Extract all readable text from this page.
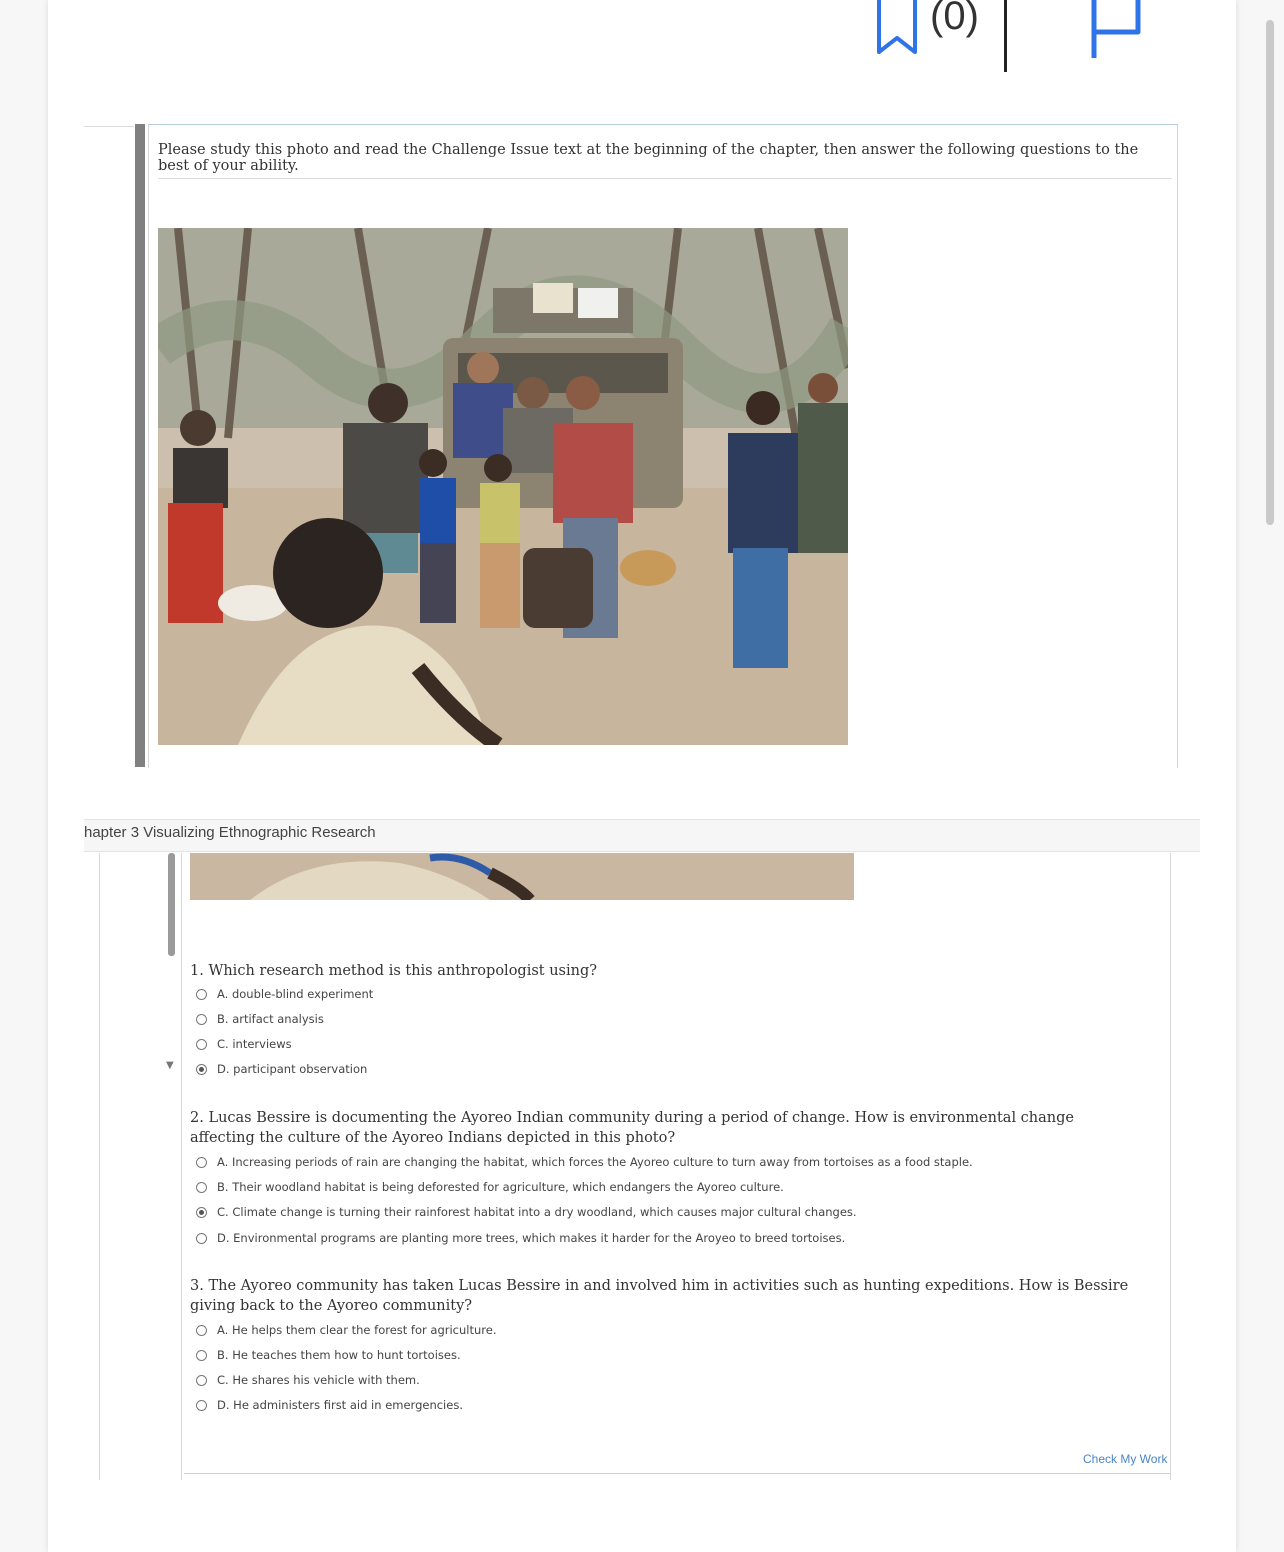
(0)
Please study this photo and read the Challenge Issue text at the beginning of the chapter, then answer the following questions to the best of your ability.
hapter 3 Visualizing Ethnographic Research
▼
1. Which research method is this anthropologist using?
A. double-blind experiment
B. artifact analysis
C. interviews
D. participant observation
2. Lucas Bessire is documenting the Ayoreo Indian community during a period of change. How is environmental change affecting the culture of the Ayoreo Indians depicted in this photo?
A. Increasing periods of rain are changing the habitat, which forces the Ayoreo culture to turn away from tortoises as a food staple.
B. Their woodland habitat is being deforested for agriculture, which endangers the Ayoreo culture.
C. Climate change is turning their rainforest habitat into a dry woodland, which causes major cultural changes.
D. Environmental programs are planting more trees, which makes it harder for the Aroyeo to breed tortoises.
3. The Ayoreo community has taken Lucas Bessire in and involved him in activities such as hunting expeditions. How is Bessire giving back to the Ayoreo community?
A. He helps them clear the forest for agriculture.
B. He teaches them how to hunt tortoises.
C. He shares his vehicle with them.
D. He administers first aid in emergencies.
Check My Work
